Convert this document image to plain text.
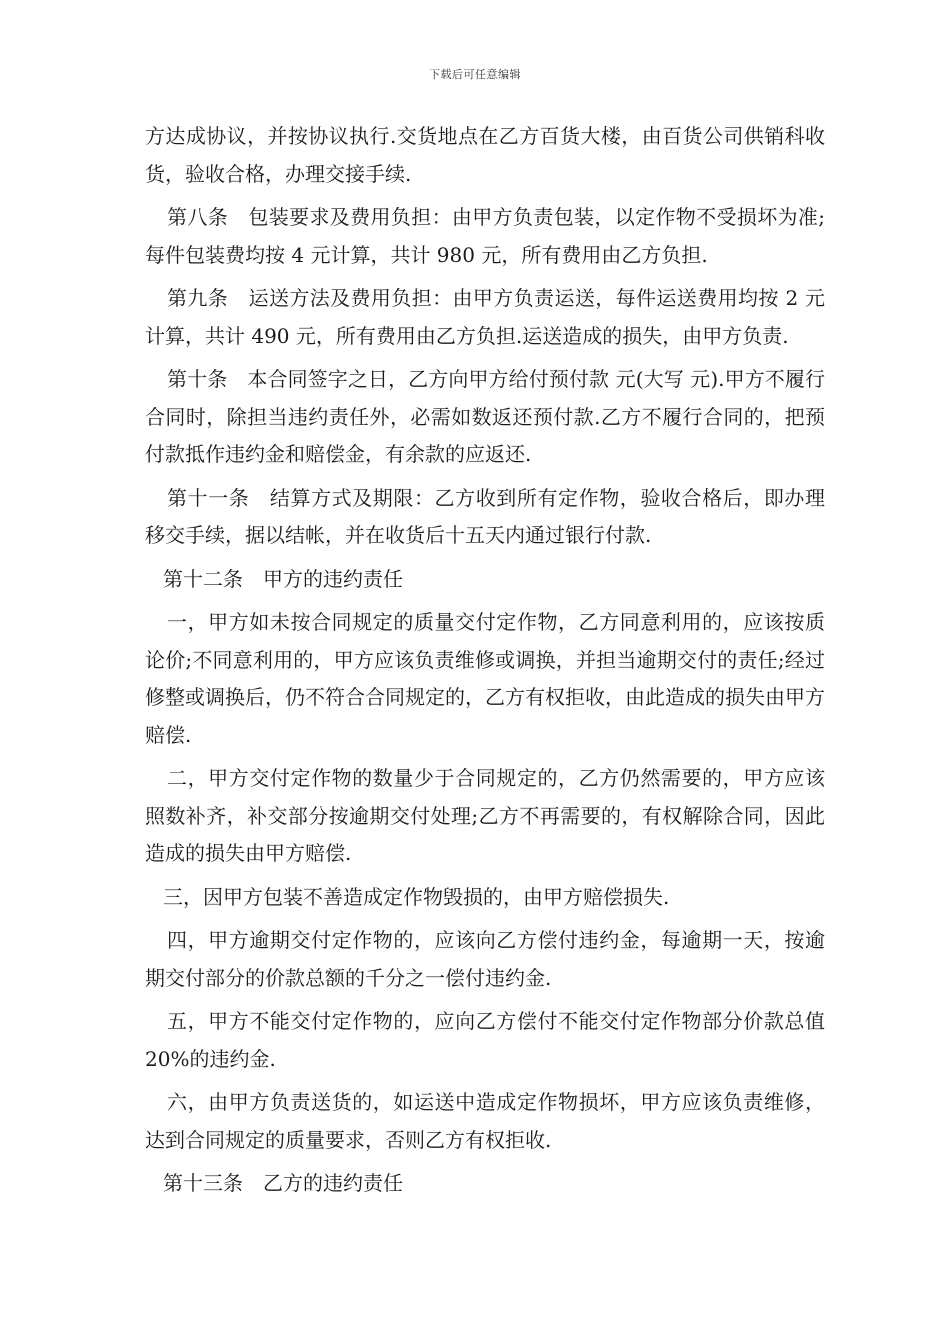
下载后可任意编辑

方达成协议，并按协议执行.交货地点在乙方百货大楼，由百货公司供销科收货，验收合格，办理交接手续.

第八条　包装要求及费用负担：由甲方负责包装，以定作物不受损坏为准;每件包装费均按 4 元计算，共计 980 元，所有费用由乙方负担.

第九条　运送方法及费用负担：由甲方负责运送，每件运送费用均按 2 元计算，共计 490 元，所有费用由乙方负担.运送造成的损失，由甲方负责.

第十条　本合同签字之日，乙方向甲方给付预付款 元(大写 元).甲方不履行合同时，除担当违约责任外，必需如数返还预付款.乙方不履行合同的，把预付款抵作违约金和赔偿金，有余款的应返还.

第十一条　结算方式及期限：乙方收到所有定作物，验收合格后，即办理移交手续，据以结帐，并在收货后十五天内通过银行付款.

第十二条　甲方的违约责任

一，甲方如未按合同规定的质量交付定作物，乙方同意利用的，应该按质论价;不同意利用的，甲方应该负责维修或调换，并担当逾期交付的责任;经过修整或调换后，仍不符合合同规定的，乙方有权拒收，由此造成的损失由甲方赔偿.

二，甲方交付定作物的数量少于合同规定的，乙方仍然需要的，甲方应该照数补齐，补交部分按逾期交付处理;乙方不再需要的，有权解除合同，因此造成的损失由甲方赔偿.

三，因甲方包装不善造成定作物毁损的，由甲方赔偿损失.

四，甲方逾期交付定作物的，应该向乙方偿付违约金，每逾期一天，按逾期交付部分的价款总额的千分之一偿付违约金.

五，甲方不能交付定作物的，应向乙方偿付不能交付定作物部分价款总值 20%的违约金.

六，由甲方负责送货的，如运送中造成定作物损坏，甲方应该负责维修，达到合同规定的质量要求，否则乙方有权拒收.

第十三条　乙方的违约责任
